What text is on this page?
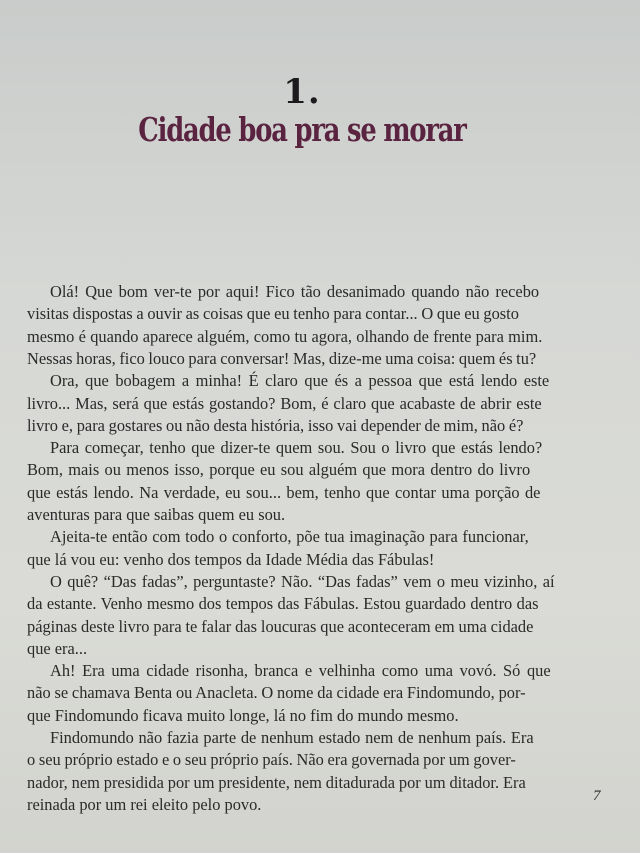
1.
Cidade boa pra se morar
Olá! Que bom ver-te por aqui! Fico tão desanimado quando não recebo
visitas dispostas a ouvir as coisas que eu tenho para contar... O que eu gosto
mesmo é quando aparece alguém, como tu agora, olhando de frente para mim.
Nessas horas, fico louco para conversar! Mas, dize-me uma coisa: quem és tu?
Ora, que bobagem a minha! É claro que és a pessoa que está lendo este
livro... Mas, será que estás gostando? Bom, é claro que acabaste de abrir este
livro e, para gostares ou não desta história, isso vai depender de mim, não é?
Para começar, tenho que dizer-te quem sou. Sou o livro que estás lendo?
Bom, mais ou menos isso, porque eu sou alguém que mora dentro do livro
que estás lendo. Na verdade, eu sou... bem, tenho que contar uma porção de
aventuras para que saibas quem eu sou.
Ajeita-te então com todo o conforto, põe tua imaginação para funcionar,
que lá vou eu: venho dos tempos da Idade Média das Fábulas!
O quê? “Das fadas”, perguntaste? Não. “Das fadas” vem o meu vizinho, aí
da estante. Venho mesmo dos tempos das Fábulas. Estou guardado dentro das
páginas deste livro para te falar das loucuras que aconteceram em uma cidade
que era...
Ah! Era uma cidade risonha, branca e velhinha como uma vovó. Só que
não se chamava Benta ou Anacleta. O nome da cidade era Findomundo, por-
que Findomundo ficava muito longe, lá no fim do mundo mesmo.
Findomundo não fazia parte de nenhum estado nem de nenhum país. Era
o seu próprio estado e o seu próprio país. Não era governada por um gover-
nador, nem presidida por um presidente, nem ditadurada por um ditador. Era
reinada por um rei eleito pelo povo.	7
